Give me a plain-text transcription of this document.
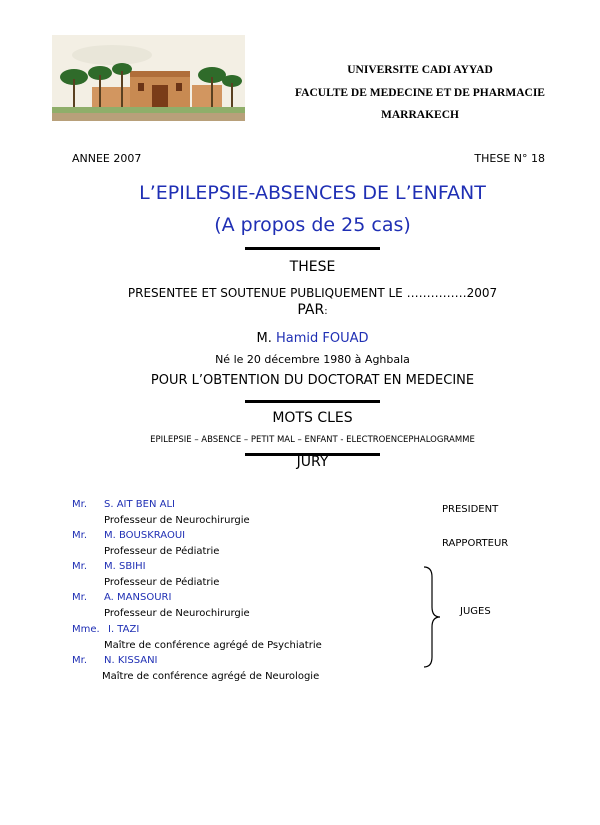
UNIVERSITE CADI AYYAD
FACULTE DE MEDECINE ET DE PHARMACIE
MARRAKECH
ANNEE 2007	THESE N° 18
L’EPILEPSIE-ABSENCES DE L’ENFANT
(A propos de 25 cas)
THESE
PRESENTEE ET SOUTENUE PUBLIQUEMENT LE ……………2007
PAR:
M. Hamid FOUAD
Né le 20 décembre 1980 à Aghbala
POUR L’OBTENTION DU DOCTORAT EN MEDECINE
MOTS CLES
EPILEPSIE – ABSENCE – PETIT MAL – ENFANT - ELECTROENCEPHALOGRAMME
JURY
Mr. S. AIT BEN ALI
Professeur de Neurochirurgie
Mr. M. BOUSKRAOUI
Professeur de Pédiatrie
Mr. M. SBIHI
Professeur de Pédiatrie
Mr. A. MANSOURI
Professeur de Neurochirurgie
Mme. I. TAZI
Maître de conférence agrégé de Psychiatrie
Mr. N. KISSANI
Maître de conférence agrégé de Neurologie
PRESIDENT
RAPPORTEUR
JUGES
